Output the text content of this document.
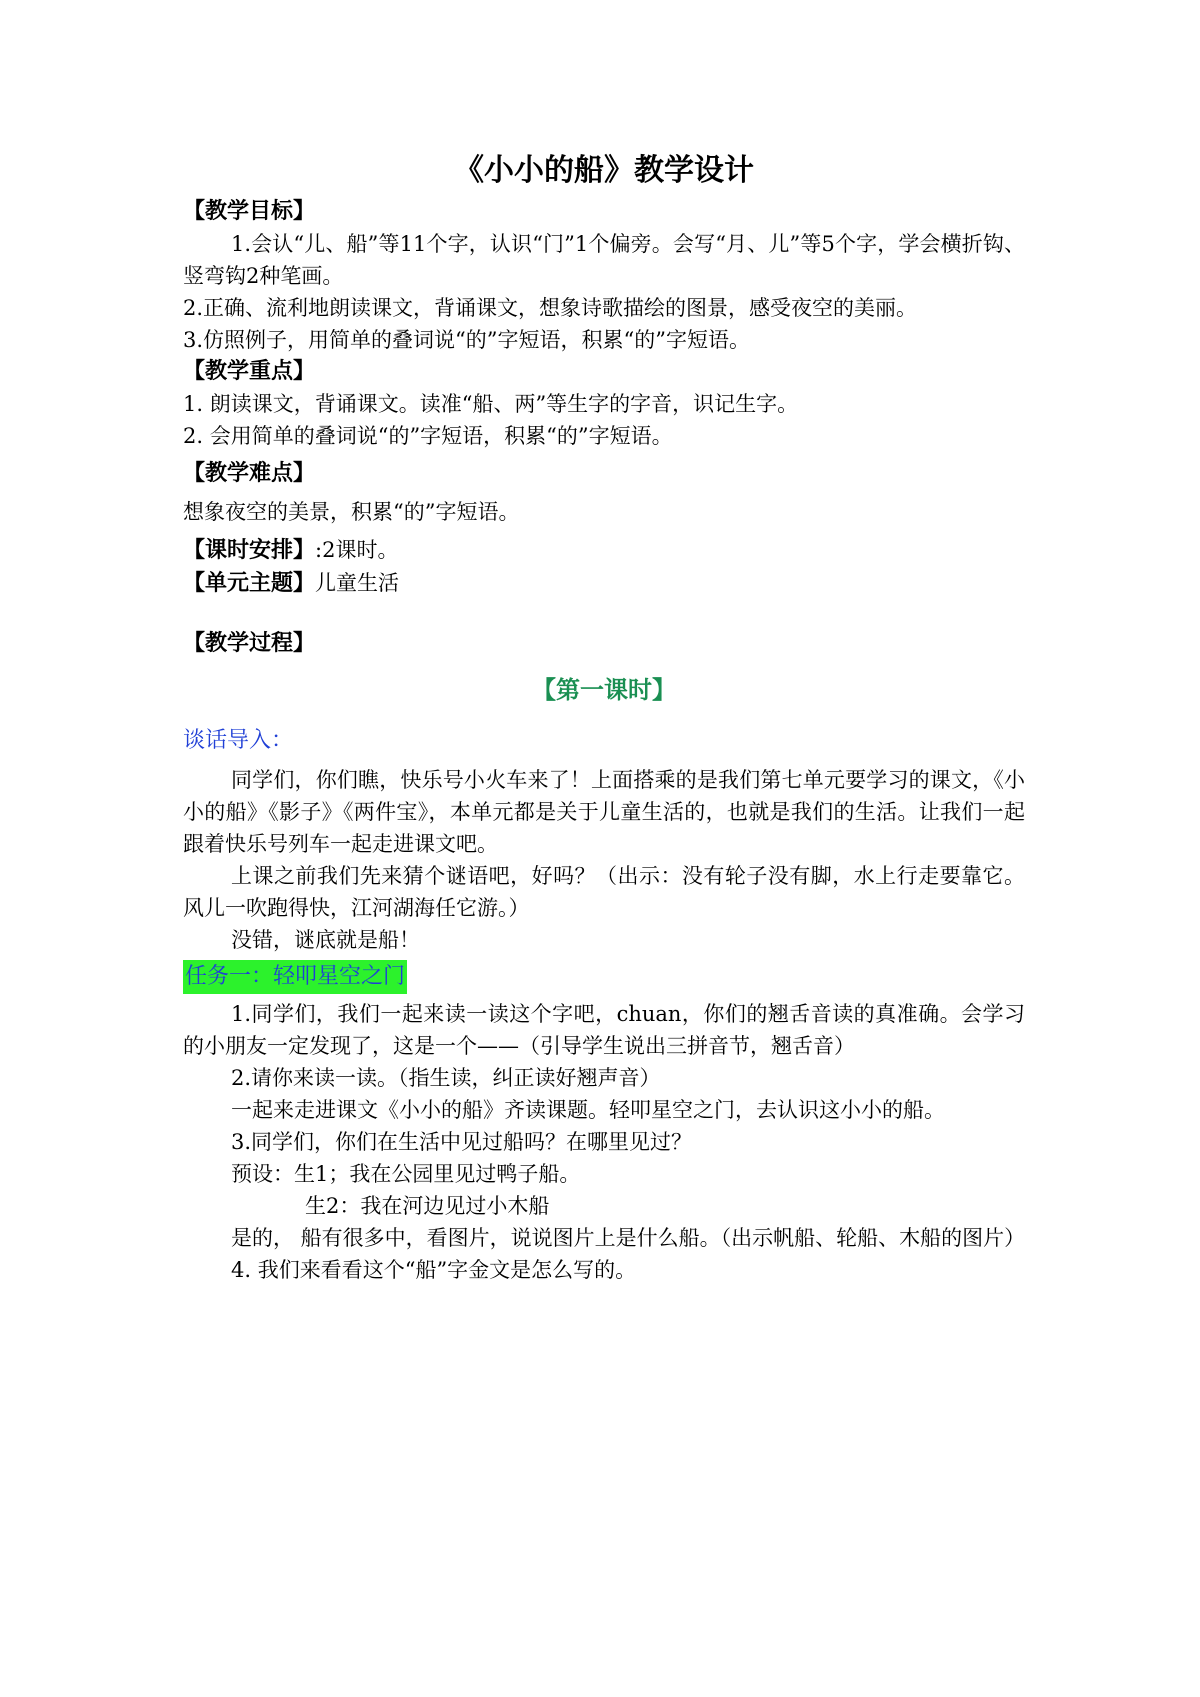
《小小的船》教学设计

【教学目标】

1.会认“儿、船”等11个字，认识“门”1个偏旁。会写“月、儿”等5个字，学会横折钩、竖弯钩2种笔画。

2.正确、流利地朗读课文，背诵课文，想象诗歌描绘的图景，感受夜空的美丽。

3.仿照例子，用简单的叠词说“的”字短语，积累“的”字短语。

【教学重点】

1. 朗读课文，背诵课文。读准“船、两”等生字的字音，识记生字。

2. 会用简单的叠词说“的”字短语，积累“的”字短语。

【教学难点】

想象夜空的美景，积累“的”字短语。

【课时安排】:2课时。

【单元主题】儿童生活

【教学过程】

【第一课时】
谈话导入：

同学们，你们瞧，快乐号小火车来了！上面搭乘的是我们第七单元要学习的课文，《小小的船》《影子》《两件宝》，本单元都是关于儿童生活的，也就是我们的生活。让我们一起跟着快乐号列车一起走进课文吧。

上课之前我们先来猜个谜语吧，好吗？（出示：没有轮子没有脚，水上行走要靠它。风儿一吹跑得快，江河湖海任它游。）

没错，谜底就是船！

任务一：轻叩星空之门

1.同学们，我们一起来读一读这个字吧，chuan，你们的翘舌音读的真准确。会学习的小朋友一定发现了，这是一个——（引导学生说出三拼音节，翘舌音）

2.请你来读一读。（指生读，纠正读好翘声音）

一起来走进课文《小小的船》齐读课题。轻叩星空之门，去认识这小小的船。

3.同学们，你们在生活中见过船吗？在哪里见过？

预设：生1；我在公园里见过鸭子船。

生2：我在河边见过小木船

是的， 船有很多中，看图片，说说图片上是什么船。（出示帆船、轮船、木船的图片）

4. 我们来看看这个“船”字金文是怎么写的。
